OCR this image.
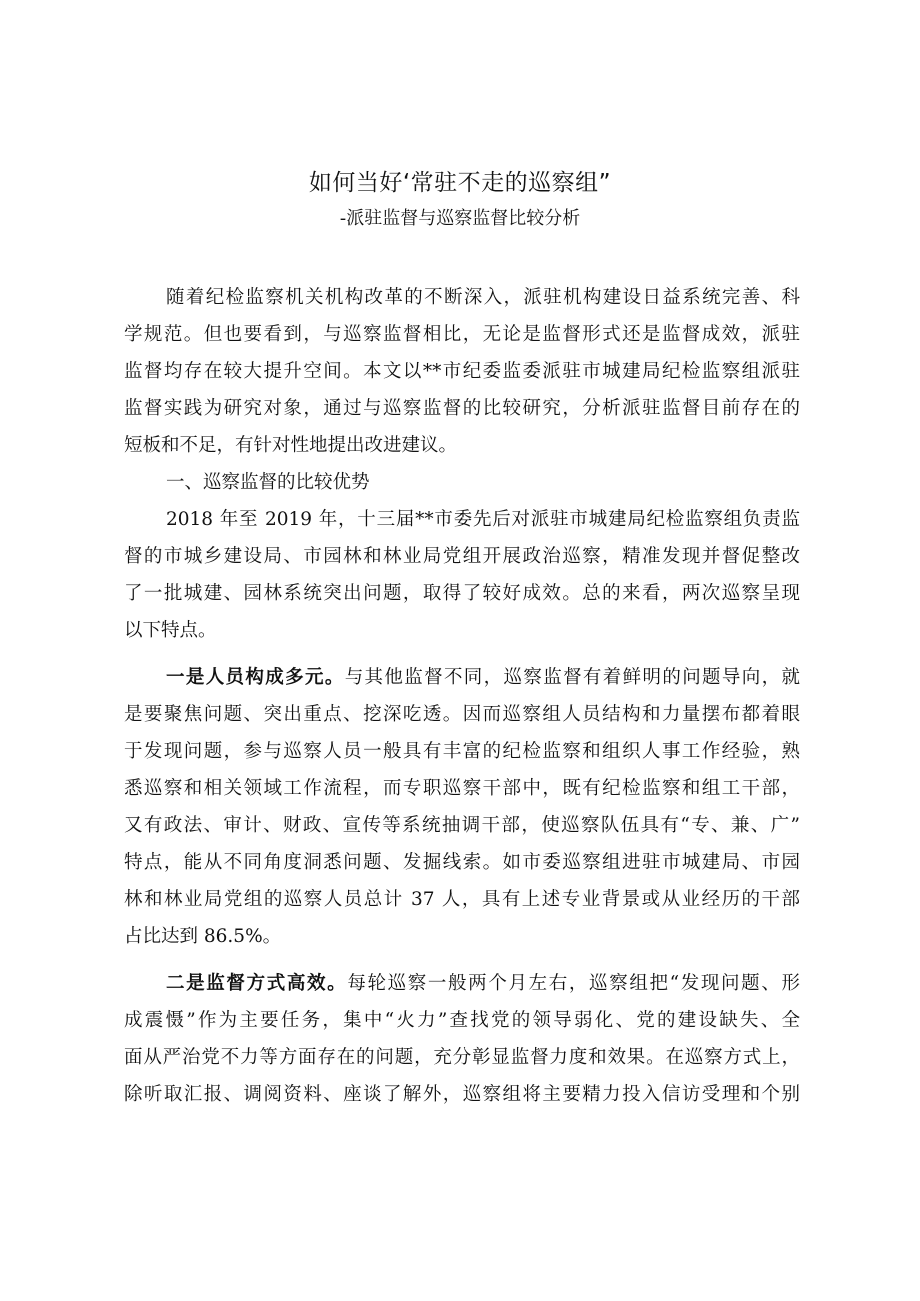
如何当好‘常驻不走的巡察组”
-派驻监督与巡察监督比较分析
随着纪检监察机关机构改革的不断深入，派驻机构建设日益系统完善、科
学规范。但也要看到，与巡察监督相比，无论是监督形式还是监督成效，派驻
监督均存在较大提升空间。本文以**市纪委监委派驻市城建局纪检监察组派驻
监督实践为研究对象，通过与巡察监督的比较研究，分析派驻监督目前存在的
短板和不足，有针对性地提出改进建议。
一、巡察监督的比较优势
2018 年至 2019 年，十三届**市委先后对派驻市城建局纪检监察组负责监
督的市城乡建设局、市园林和林业局党组开展政治巡察，精准发现并督促整改
了一批城建、园林系统突出问题，取得了较好成效。总的来看，两次巡察呈现
以下特点。
一是人员构成多元。与其他监督不同，巡察监督有着鲜明的问题导向，就
是要聚焦问题、突出重点、挖深吃透。因而巡察组人员结构和力量摆布都着眼
于发现问题，参与巡察人员一般具有丰富的纪检监察和组织人事工作经验，熟
悉巡察和相关领域工作流程，而专职巡察干部中，既有纪检监察和组工干部，
又有政法、审计、财政、宣传等系统抽调干部，使巡察队伍具有“专、兼、广”
特点，能从不同角度洞悉问题、发掘线索。如市委巡察组进驻市城建局、市园
林和林业局党组的巡察人员总计 37 人，具有上述专业背景或从业经历的干部
占比达到 86.5%。
二是监督方式高效。每轮巡察一般两个月左右，巡察组把“发现问题、形
成震慑”作为主要任务，集中“火力”查找党的领导弱化、党的建设缺失、全
面从严治党不力等方面存在的问题，充分彰显监督力度和效果。在巡察方式上，
除听取汇报、调阅资料、座谈了解外，巡察组将主要精力投入信访受理和个别
